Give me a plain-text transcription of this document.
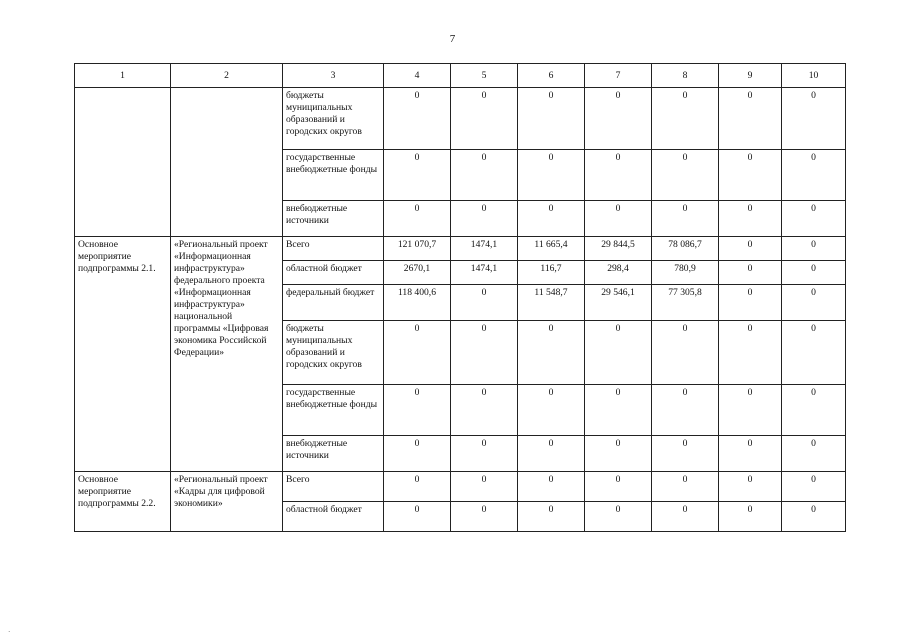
7
1	2	3	4	5	6	7	8	9	10
		бюджеты муниципальных образований и городских округов	0	0	0	0	0	0	0
		государственные внебюджетные фонды	0	0	0	0	0	0	0
		внебюджетные источники	0	0	0	0	0	0	0
Основное мероприятие подпрограммы 2.1.	«Региональный проект «Информационная инфраструктура» федерального проекта «Информационная инфраструктура» национальной программы «Цифровая экономика Российской Федерации»	Всего	121 070,7	1474,1	11 665,4	29 844,5	78 086,7	0	0
		областной бюджет	2670,1	1474,1	116,7	298,4	780,9	0	0
		федеральный бюджет	118 400,6	0	11 548,7	29 546,1	77 305,8	0	0
		бюджеты муниципальных образований и городских округов	0	0	0	0	0	0	0
		государственные внебюджетные фонды	0	0	0	0	0	0	0
		внебюджетные источники	0	0	0	0	0	0	0
Основное мероприятие подпрограммы 2.2.	«Региональный проект «Кадры для цифровой экономики»	Всего	0	0	0	0	0	0	0
		областной бюджет	0	0	0	0	0	0	0
·
